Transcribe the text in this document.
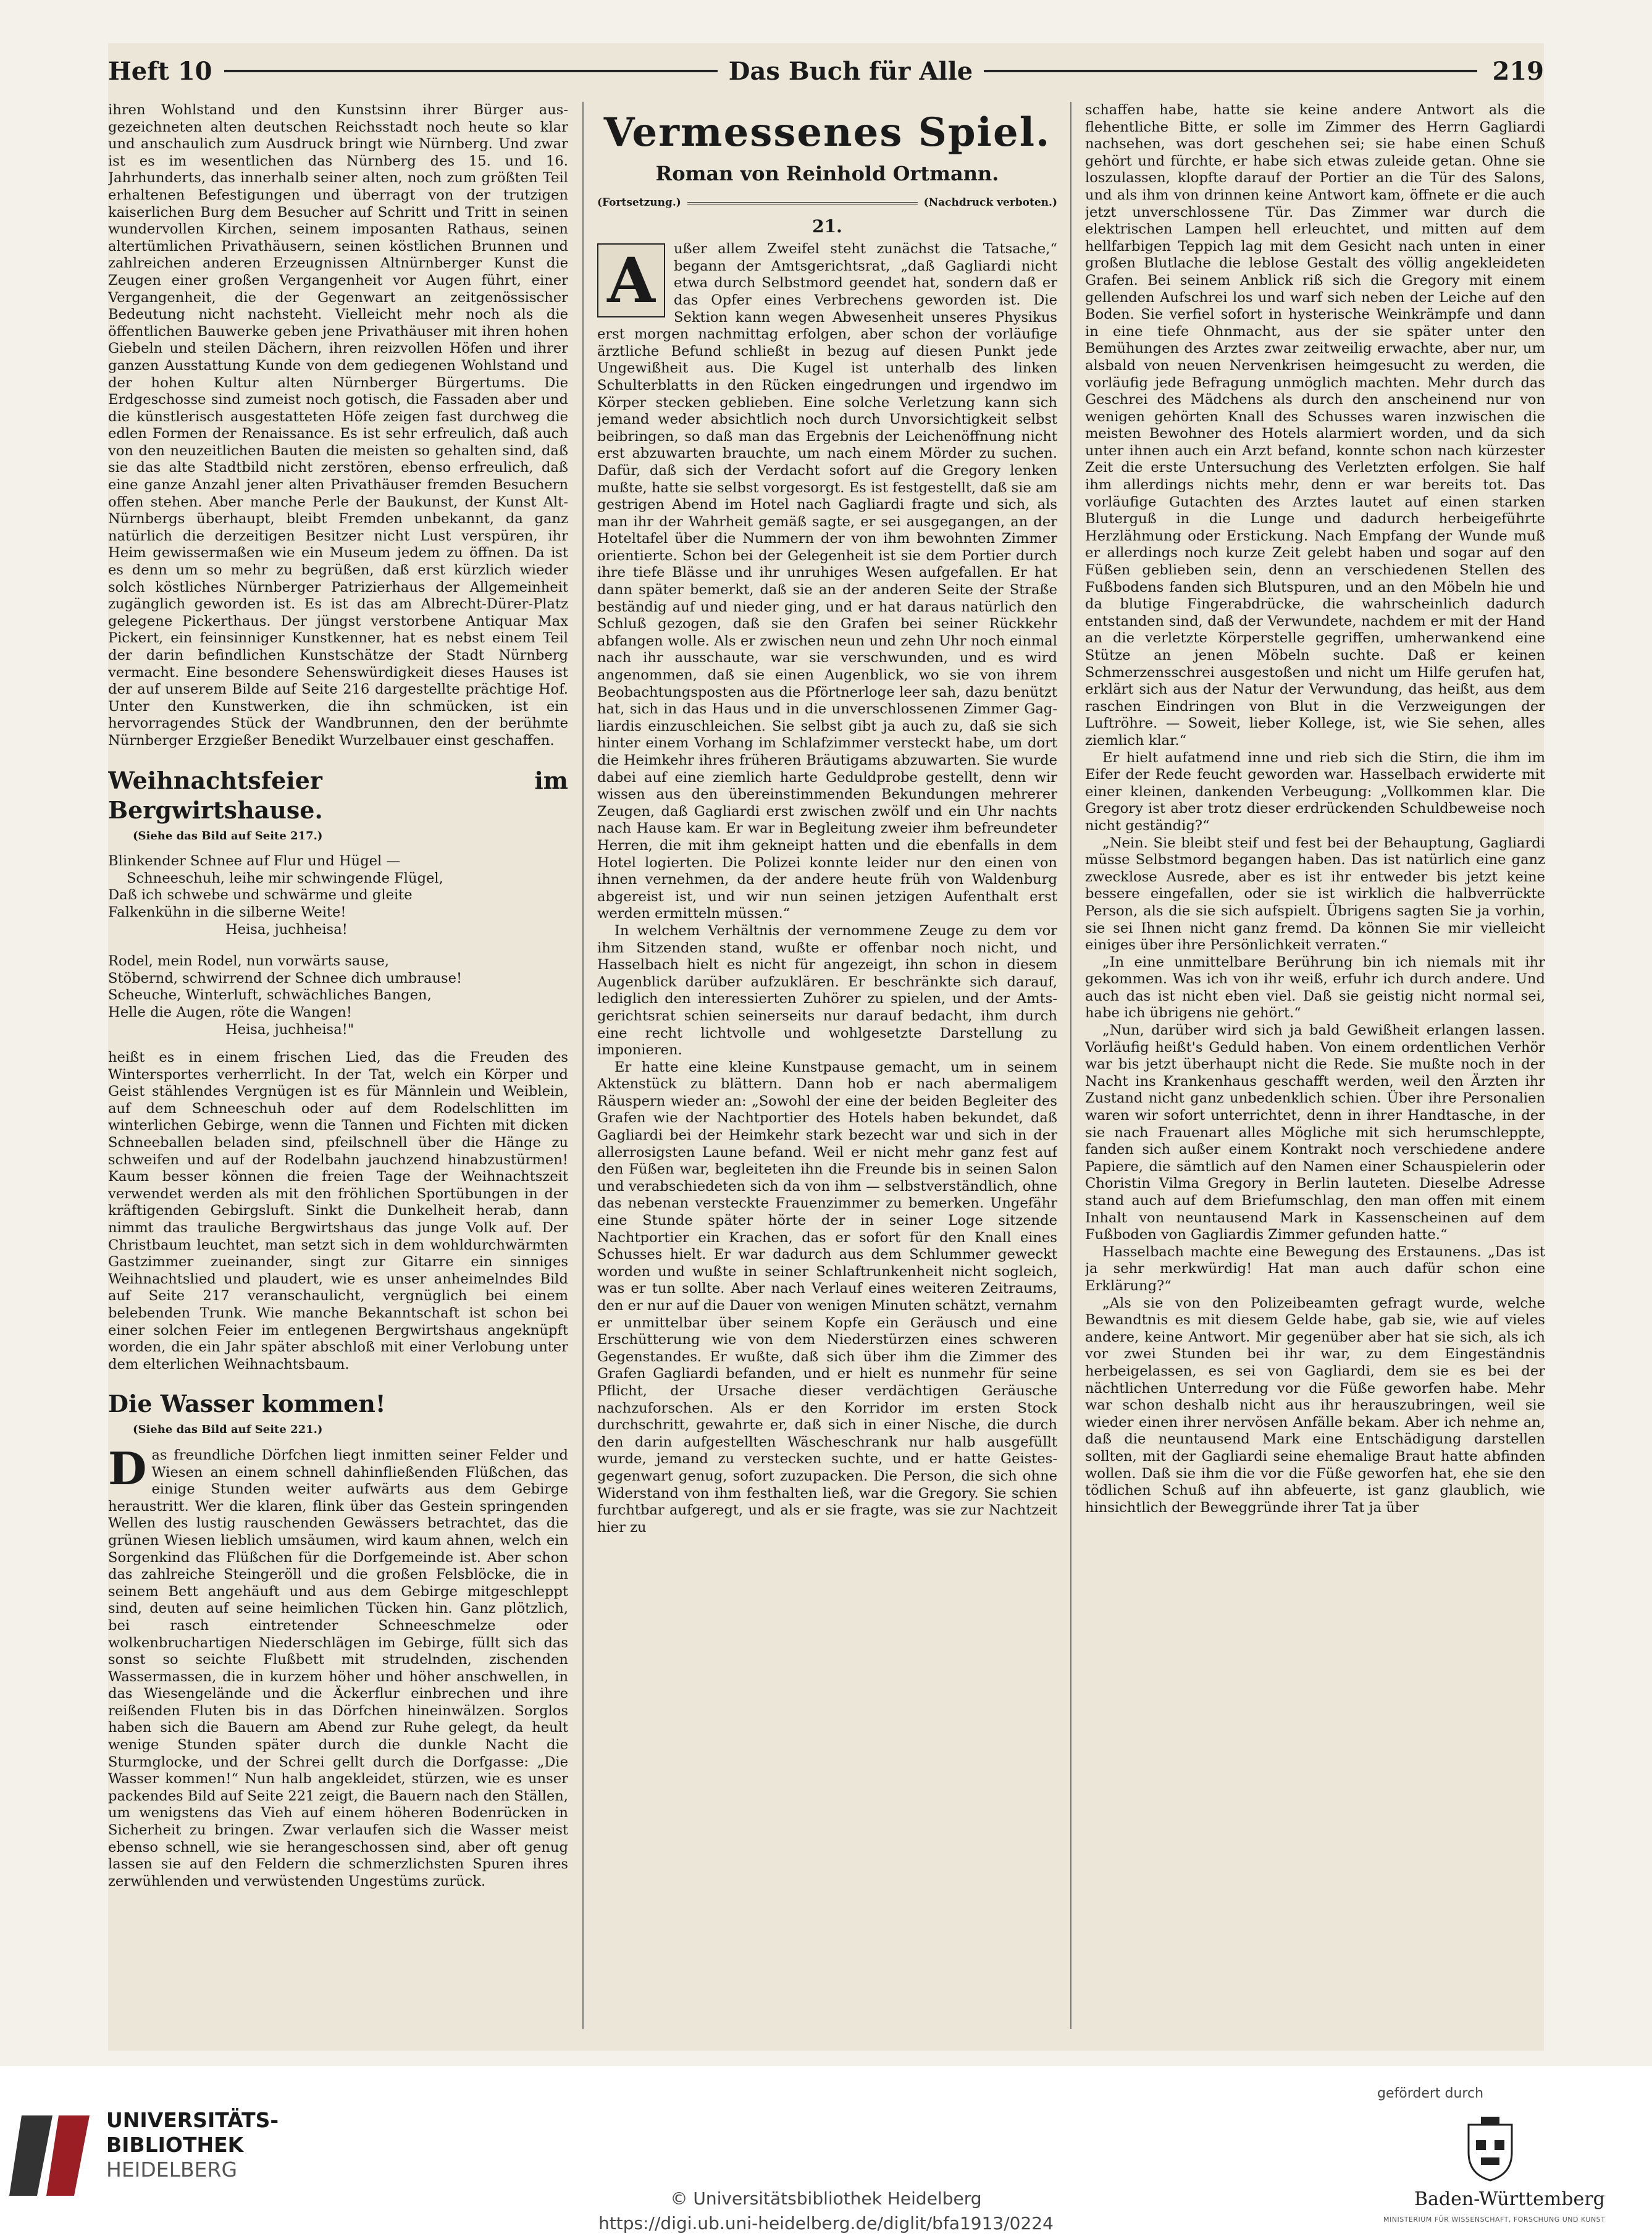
Heft 10	Das Buch für Alle	219

ihren Wohlstand und den Kunstsinn ihrer Bürger ausgezeichneten alten deutschen Reichsstadt noch heute so klar und anschaulich zum Ausdruck bringt wie Nürnberg. Und zwar ist es im wesentlichen das Nürnberg des 15. und 16. Jahrhunderts, das innerhalb seiner alten, noch zum größten Teil erhaltenen Befestigungen und überragt von der trutzigen kaiserlichen Burg dem Besucher auf Schritt und Tritt in seinen wundervollen Kirchen, seinem imposanten Rathaus, seinen altertümlichen Privathäusern, seinen köstlichen Brunnen und zahlreichen anderen Erzeugnissen Altnürnberger Kunst die Zeugen einer großen Vergangenheit vor Augen führt, einer Vergangenheit, die der Gegenwart an zeitgenössischer Bedeutung nicht nachsteht. Vielleicht mehr noch als die öffentlichen Bauwerke geben jene Privathäuser mit ihren hohen Giebeln und steilen Dächern, ihren reizvollen Höfen und ihrer ganzen Ausstattung Kunde von dem gediegenen Wohlstand und der hohen Kultur alten Nürnberger Bürgertums. Die Erdgeschosse sind zumeist noch gotisch, die Fassaden aber und die künstlerisch ausgestatteten Höfe zeigen fast durchweg die edlen Formen der Renaissance. Es ist sehr erfreulich, daß auch von den neuzeitlichen Bauten die meisten so gehalten sind, daß sie das alte Stadtbild nicht zerstören, ebenso erfreulich, daß eine ganze Anzahl jener alten Privathäuser fremden Besuchern offen stehen. Aber manche Perle der Baukunst, der Kunst Alt-Nürnbergs überhaupt, bleibt Fremden unbekannt, da ganz natürlich die derzeitigen Besitzer nicht Lust verspüren, ihr Heim gewissermaßen wie ein Museum jedem zu öffnen. Da ist es denn um so mehr zu begrüßen, daß erst kürzlich wieder solch köstliches Nürnberger Patrizierhaus der Allgemeinheit zugänglich geworden ist. Es ist das am Albrecht-Dürer-Platz gelegene Pickerthaus. Der jüngst verstorbene Antiquar Max Pickert, ein feinsinniger Kunstkenner, hat es nebst einem Teil der darin befindlichen Kunstschätze der Stadt Nürnberg vermacht. Eine besondere Sehenswürdigkeit dieses Hauses ist der auf unserem Bilde auf Seite 216 dargestellte prächtige Hof. Unter den Kunstwerken, die ihn schmücken, ist ein hervorragendes Stück der Wandbrunnen, den der berühmte Nürnberger Erzgießer Benedikt Wurzelbauer einst geschaffen.

Weihnachtsfeier im Bergwirtshause.
(Siehe das Bild auf Seite 217.)
Blinkender Schnee auf Flur und Hügel —
Schneeschuh, leihe mir schwingende Flügel,
Daß ich schwebe und schwärme und gleite
Falkenkühn in die silberne Weite!
Heisa, juchheisa!
Rodel, mein Rodel, nun vorwärts sause,
Stöbernd, schwirrend der Schnee dich umbrause!
Scheuche, Winterluft, schwächliches Bangen,
Helle die Augen, röte die Wangen!
Heisa, juchheisa!"

heißt es in einem frischen Lied, das die Freuden des Wintersportes verherrlicht. In der Tat, welch ein Körper und Geist stählendes Vergnügen ist es für Männlein und Weiblein, auf dem Schneeschuh oder auf dem Rodelschlitten im winterlichen Gebirge, wenn die Tannen und Fichten mit dicken Schneeballen beladen sind, pfeilschnell über die Hänge zu schweifen und auf der Rodelbahn jauchzend hinabzustürmen! Kaum besser können die freien Tage der Weihnachtszeit verwendet werden als mit den fröhlichen Sportübungen in der kräftigenden Gebirgsluft. Sinkt die Dunkelheit herab, dann nimmt das trauliche Bergwirtshaus das junge Volk auf. Der Christbaum leuchtet, man setzt sich in dem wohldurchwärmten Gastzimmer zueinander, singt zur Gitarre ein sinniges Weihnachtslied und plaudert, wie es unser anheimelndes Bild auf Seite 217 veranschaulicht, vergnüglich bei einem belebenden Trunk. Wie manche Bekanntschaft ist schon bei einer solchen Feier im entlegenen Bergwirtshaus angeknüpft worden, die ein Jahr später abschloß mit einer Verlobung unter dem elterlichen Weihnachtsbaum.

Die Wasser kommen!
(Siehe das Bild auf Seite 221.)

Das freundliche Dörfchen liegt inmitten seiner Felder und Wiesen an einem schnell dahinfließenden Flüßchen, das einige Stunden weiter aufwärts aus dem Gebirge heraustritt. Wer die klaren, flink über das Gestein springenden Wellen des lustig rauschenden Gewässers betrachtet, das die grünen Wiesen lieblich umsäumen, wird kaum ahnen, welch ein Sorgenkind das Flüßchen für die Dorfgemeinde ist. Aber schon das zahlreiche Steingeröll und die großen Felsblöcke, die in seinem Bett angehäuft und aus dem Gebirge mitgeschleppt sind, deuten auf seine heimlichen Tücken hin. Ganz plötzlich, bei rasch eintretender Schneeschmelze oder wolkenbruchartigen Niederschlägen im Gebirge, füllt sich das sonst so seichte Flußbett mit strudelnden, zischenden Wassermassen, die in kurzem höher und höher anschwellen, in das Wiesengelände und die Äckerflur einbrechen und ihre reißenden Fluten bis in das Dörfchen hineinwälzen. Sorglos haben sich die Bauern am Abend zur Ruhe gelegt, da heult wenige Stunden später durch die dunkle Nacht die Sturmglocke, und der Schrei gellt durch die Dorfgasse: „Die Wasser kommen!“ Nun halb angekleidet, stürzen, wie es unser packendes Bild auf Seite 221 zeigt, die Bauern nach den Ställen, um wenigstens das Vieh auf einem höheren Bodenrücken in Sicherheit zu bringen. Zwar verlaufen sich die Wasser meist ebenso schnell, wie sie herangeschossen sind, aber oft genug lassen sie auf den Feldern die schmerzlichsten Spuren ihres zerwühlenden und verwüstenden Ungestüms zurück.

Vermessenes Spiel.
Roman von Reinhold Ortmann.
(Fortsetzung.)	(Nachdruck verboten.)
21.

A	ußer allem Zweifel steht zunächst die Tatsache,“ begann der Amtsgerichtsrat, „daß Gagliardi nicht etwa durch Selbstmord geendet hat, sondern daß er das Opfer eines Verbrechens geworden ist. Die Sektion kann wegen Abwesenheit unseres Physikus erst morgen nachmittag erfolgen, aber schon der vorläufige ärztliche Befund schließt in bezug auf diesen Punkt jede Ungewißheit aus. Die Kugel ist unterhalb des linken Schulterblatts in den Rücken eingedrungen und irgendwo im Körper stecken geblieben. Eine solche Verletzung kann sich jemand weder absichtlich noch durch Unvorsichtigkeit selbst beibringen, so daß man das Ergebnis der Leichenöffnung nicht erst abzuwarten brauchte, um nach einem Mörder zu suchen. Dafür, daß sich der Verdacht sofort auf die Gregory lenken mußte, hatte sie selbst vorgesorgt. Es ist festgestellt, daß sie am gestrigen Abend im Hotel nach Gagliardi fragte und sich, als man ihr der Wahrheit gemäß sagte, er sei ausgegangen, an der Hoteltafel über die Nummern der von ihm bewohnten Zimmer orientierte. Schon bei der Gelegenheit ist sie dem Portier durch ihre tiefe Blässe und ihr unruhiges Wesen aufgefallen. Er hat dann später bemerkt, daß sie an der anderen Seite der Straße beständig auf und nieder ging, und er hat daraus natürlich den Schluß gezogen, daß sie den Grafen bei seiner Rückkehr abfangen wolle. Als er zwischen neun und zehn Uhr noch einmal nach ihr ausschaute, war sie verschwunden, und es wird angenommen, daß sie einen Augenblick, wo sie von ihrem Beobachtungsposten aus die Pförtnerloge leer sah, dazu benützt hat, sich in das Haus und in die unverschlossenen Zimmer Gagliardis einzuschleichen. Sie selbst gibt ja auch zu, daß sie sich hinter einem Vorhang im Schlafzimmer versteckt habe, um dort die Heimkehr ihres früheren Bräutigams abzuwarten. Sie wurde dabei auf eine ziemlich harte Geduldprobe gestellt, denn wir wissen aus den übereinstimmenden Bekundungen mehrerer Zeugen, daß Gagliardi erst zwischen zwölf und ein Uhr nachts nach Hause kam. Er war in Begleitung zweier ihm befreundeter Herren, die mit ihm gekneipt hatten und die ebenfalls in dem Hotel logierten. Die Polizei konnte leider nur den einen von ihnen vernehmen, da der andere heute früh von Waldenburg abgereist ist, und wir nun seinen jetzigen Aufenthalt erst werden ermitteln müssen.“

In welchem Verhältnis der vernommene Zeuge zu dem vor ihm Sitzenden stand, wußte er offenbar noch nicht, und Hasselbach hielt es nicht für angezeigt, ihn schon in diesem Augenblick darüber aufzuklären. Er beschränkte sich darauf, lediglich den interessierten Zuhörer zu spielen, und der Amtsgerichtsrat schien seinerseits nur darauf bedacht, ihm durch eine recht lichtvolle und wohlgesetzte Darstellung zu imponieren.

Er hatte eine kleine Kunstpause gemacht, um in seinem Aktenstück zu blättern. Dann hob er nach abermaligem Räuspern wieder an: „Sowohl der eine der beiden Begleiter des Grafen wie der Nachtportier des Hotels haben bekundet, daß Gagliardi bei der Heimkehr stark bezecht war und sich in der allerrosigsten Laune befand. Weil er nicht mehr ganz fest auf den Füßen war, begleiteten ihn die Freunde bis in seinen Salon und verabschiedeten sich da von ihm — selbstverständlich, ohne das nebenan versteckte Frauenzimmer zu bemerken. Ungefähr eine Stunde später hörte der in seiner Loge sitzende Nachtportier ein Krachen, das er sofort für den Knall eines Schusses hielt. Er war dadurch aus dem Schlummer geweckt worden und wußte in seiner Schlaftrunkenheit nicht sogleich, was er tun sollte. Aber nach Verlauf eines weiteren Zeitraums, den er nur auf die Dauer von wenigen Minuten schätzt, vernahm er unmittelbar über seinem Kopfe ein Geräusch und eine Erschütterung wie von dem Niederstürzen eines schweren Gegenstandes. Er wußte, daß sich über ihm die Zimmer des Grafen Gagliardi befanden, und er hielt es nunmehr für seine Pflicht, der Ursache dieser verdächtigen Geräusche nachzuforschen. Als er den Korridor im ersten Stock durchschritt, gewahrte er, daß sich in einer Nische, die durch den darin aufgestellten Wäscheschrank nur halb ausgefüllt wurde, jemand zu verstecken suchte, und er hatte Geistesgegenwart genug, sofort zuzupacken. Die Person, die sich ohne Widerstand von ihm festhalten ließ, war die Gregory. Sie schien furchtbar aufgeregt, und als er sie fragte, was sie zur Nachtzeit hier zu

schaffen habe, hatte sie keine andere Antwort als die flehentliche Bitte, er solle im Zimmer des Herrn Gagliardi nachsehen, was dort geschehen sei; sie habe einen Schuß gehört und fürchte, er habe sich etwas zuleide getan. Ohne sie loszulassen, klopfte darauf der Portier an die Tür des Salons, und als ihm von drinnen keine Antwort kam, öffnete er die auch jetzt unverschlossene Tür. Das Zimmer war durch die elektrischen Lampen hell erleuchtet, und mitten auf dem hellfarbigen Teppich lag mit dem Gesicht nach unten in einer großen Blutlache die leblose Gestalt des völlig angekleideten Grafen. Bei seinem Anblick riß sich die Gregory mit einem gellenden Aufschrei los und warf sich neben der Leiche auf den Boden. Sie verfiel sofort in hysterische Weinkrämpfe und dann in eine tiefe Ohnmacht, aus der sie später unter den Bemühungen des Arztes zwar zeitweilig erwachte, aber nur, um alsbald von neuen Nervenkrisen heimgesucht zu werden, die vorläufig jede Befragung unmöglich machten. Mehr durch das Geschrei des Mädchens als durch den anscheinend nur von wenigen gehörten Knall des Schusses waren inzwischen die meisten Bewohner des Hotels alarmiert worden, und da sich unter ihnen auch ein Arzt befand, konnte schon nach kürzester Zeit die erste Untersuchung des Verletzten erfolgen. Sie half ihm allerdings nichts mehr, denn er war bereits tot. Das vorläufige Gutachten des Arztes lautet auf einen starken Bluterguß in die Lunge und dadurch herbeigeführte Herzlähmung oder Erstickung. Nach Empfang der Wunde muß er allerdings noch kurze Zeit gelebt haben und sogar auf den Füßen geblieben sein, denn an verschiedenen Stellen des Fußbodens fanden sich Blutspuren, und an den Möbeln hie und da blutige Fingerabdrücke, die wahrscheinlich dadurch entstanden sind, daß der Verwundete, nachdem er mit der Hand an die verletzte Körperstelle gegriffen, umherwankend eine Stütze an jenen Möbeln suchte. Daß er keinen Schmerzensschrei ausgestoßen und nicht um Hilfe gerufen hat, erklärt sich aus der Natur der Verwundung, das heißt, aus dem raschen Eindringen von Blut in die Verzweigungen der Luftröhre. — Soweit, lieber Kollege, ist, wie Sie sehen, alles ziemlich klar.“

Er hielt aufatmend inne und rieb sich die Stirn, die ihm im Eifer der Rede feucht geworden war. Hasselbach erwiderte mit einer kleinen, dankenden Verbeugung: „Vollkommen klar. Die Gregory ist aber trotz dieser erdrückenden Schuldbeweise noch nicht geständig?“

„Nein. Sie bleibt steif und fest bei der Behauptung, Gagliardi müsse Selbstmord begangen haben. Das ist natürlich eine ganz zwecklose Ausrede, aber es ist ihr entweder bis jetzt keine bessere eingefallen, oder sie ist wirklich die halbverrückte Person, als die sie sich aufspielt. Übrigens sagten Sie ja vorhin, sie sei Ihnen nicht ganz fremd. Da können Sie mir vielleicht einiges über ihre Persönlichkeit verraten.“

„In eine unmittelbare Berührung bin ich niemals mit ihr gekommen. Was ich von ihr weiß, erfuhr ich durch andere. Und auch das ist nicht eben viel. Daß sie geistig nicht normal sei, habe ich übrigens nie gehört.“

„Nun, darüber wird sich ja bald Gewißheit erlangen lassen. Vorläufig heißt's Geduld haben. Von einem ordentlichen Verhör war bis jetzt überhaupt nicht die Rede. Sie mußte noch in der Nacht ins Krankenhaus geschafft werden, weil den Ärzten ihr Zustand nicht ganz unbedenklich schien. Über ihre Personalien waren wir sofort unterrichtet, denn in ihrer Handtasche, in der sie nach Frauenart alles Mögliche mit sich herumschleppte, fanden sich außer einem Kontrakt noch verschiedene andere Papiere, die sämtlich auf den Namen einer Schauspielerin oder Choristin Vilma Gregory in Berlin lauteten. Dieselbe Adresse stand auch auf dem Briefumschlag, den man offen mit einem Inhalt von neuntausend Mark in Kassenscheinen auf dem Fußboden von Gagliardis Zimmer gefunden hatte.“

Hasselbach machte eine Bewegung des Erstaunens. „Das ist ja sehr merkwürdig! Hat man auch dafür schon eine Erklärung?“

„Als sie von den Polizeibeamten gefragt wurde, welche Bewandtnis es mit diesem Gelde habe, gab sie, wie auf vieles andere, keine Antwort. Mir gegenüber aber hat sie sich, als ich vor zwei Stunden bei ihr war, zu dem Eingeständnis herbeigelassen, es sei von Gagliardi, dem sie es bei der nächtlichen Unterredung vor die Füße geworfen habe. Mehr war schon deshalb nicht aus ihr herauszubringen, weil sie wieder einen ihrer nervösen Anfälle bekam. Aber ich nehme an, daß die neuntausend Mark eine Entschädigung darstellen sollten, mit der Gagliardi seine ehemalige Braut hatte abfinden wollen. Daß sie ihm die vor die Füße geworfen hat, ehe sie den tödlichen Schuß auf ihn abfeuerte, ist ganz glaublich, wie hinsichtlich der Beweggründe ihrer Tat ja über

UNIVERSITÄTS-
BIBLIOTHEK
HEIDELBERG
© Universitätsbibliothek Heidelberg
https://digi.ub.uni-heidelberg.de/diglit/bfa1913/0224
gefördert durch
Baden-Württemberg
MINISTERIUM FÜR WISSENSCHAFT, FORSCHUNG UND KUNST
